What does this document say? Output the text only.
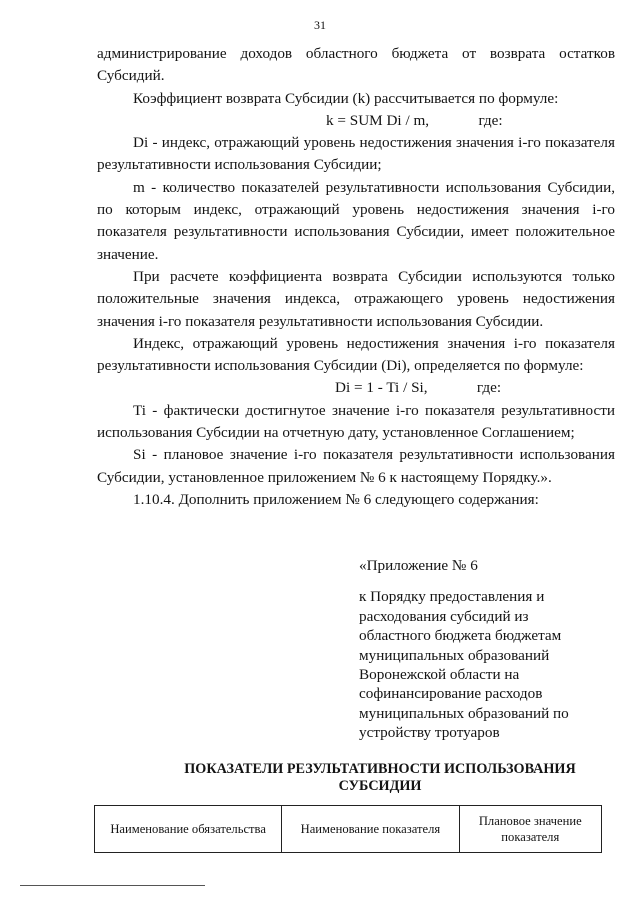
31

администрирование доходов областного бюджета от возврата остатков Субсидий.

Коэффициент возврата Субсидии (k) рассчитывается по формуле:

k = SUM Di / m,             где:

Di - индекс, отражающий уровень недостижения значения i-го показателя результативности использования Субсидии;

m - количество показателей результативности использования Субсидии, по которым индекс, отражающий уровень недостижения значения i-го показателя результативности использования Субсидии, имеет положительное значение.

При расчете коэффициента возврата Субсидии используются только положительные значения индекса, отражающего уровень недостижения значения i-го показателя результативности использования Субсидии.

Индекс, отражающий уровень недостижения значения i-го показателя результативности использования Субсидии (Di), определяется по формуле:

Di = 1 - Ti / Si,             где:

Ti - фактически достигнутое значение i-го показателя результативности использования Субсидии на отчетную дату, установленное Соглашением;

Si - плановое значение i-го показателя результативности использования Субсидии, установленное приложением № 6 к настоящему Порядку.».

1.10.4. Дополнить приложением № 6 следующего содержания:

«Приложение № 6
к Порядку предоставления и
расходования субсидий из
областного бюджета бюджетам
муниципальных образований
Воронежской области на
софинансирование расходов
муниципальных образований по
устройству тротуаров
ПОКАЗАТЕЛИ РЕЗУЛЬТАТИВНОСТИ ИСПОЛЬЗОВАНИЯ
СУБСИДИИ
Наименование обязательства	Наименование показателя
Плановое значение показателя
